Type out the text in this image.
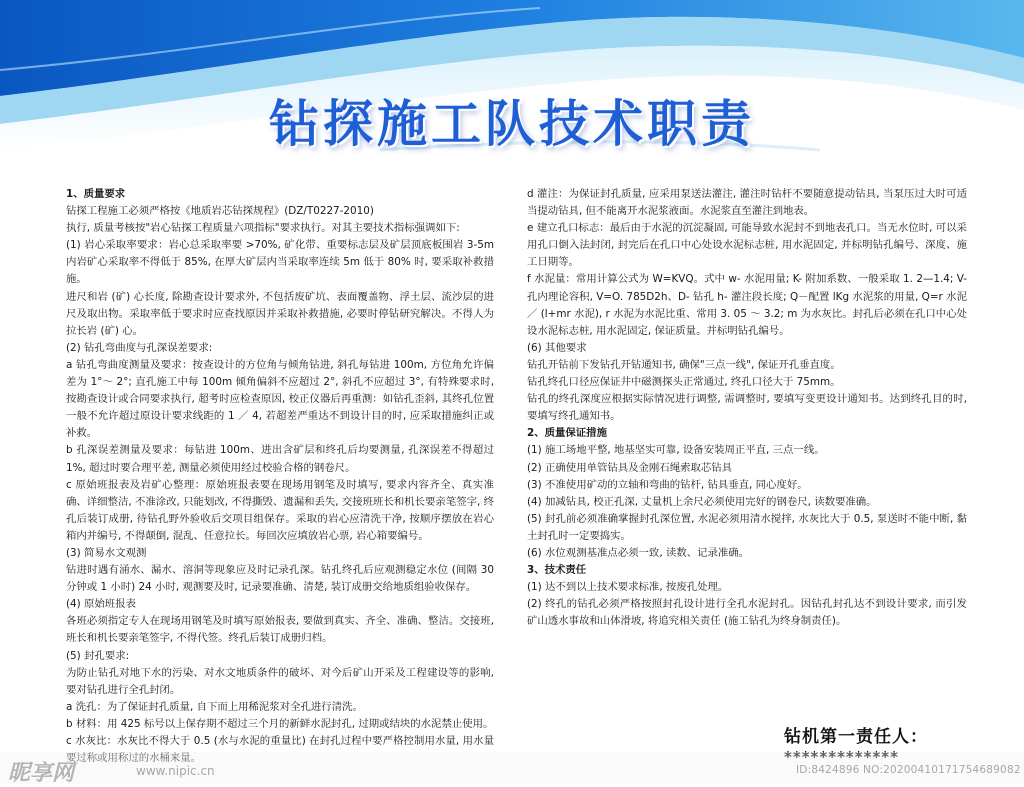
钻探施工队技术职责

1、质量要求

钻探工程施工必须严格按《地质岩芯钻探规程》(DZ/T0227-2010)

执行, 质量考核按"岩心钻探工程质量六项指标"要求执行。对其主要技术指标强调如下:

(1) 岩心采取率要求：岩心总采取率要 >70%, 矿化带、重要标志层及矿层顶底板围岩 3-5m 内岩矿心采取率不得低于 85%, 在厚大矿层内当采取率连续 5m 低于 80% 时, 要采取补救措施。

进尺和岩 (矿) 心长度, 除勘查设计要求外, 不包括废矿坑、表面覆盖物、浮土层、流沙层的进尺及取出物。采取率低于要求时应查找原因并采取补救措施, 必要时停钻研究解决。不得人为拉长岩 (矿) 心。

(2) 钻孔弯曲度与孔深误差要求:

a 钻孔弯曲度测量及要求：按查设计的方位角与倾角钻进, 斜孔每钻进 100m, 方位角允许偏差为 1°～ 2°; 直孔施工中每 100m 倾角偏斜不应超过 2°, 斜孔不应超过 3°, 有特殊要求时, 按勘查设计或合同要求执行, 超考时应检查原因, 校正仪器后再重测：如钻孔歪斜, 其终孔位置一般不允许超过原设计要求线距的 1 ／ 4, 若超差严重达不到设计目的时, 应采取措施纠正或补救。

b 孔深误差测量及要求：每钻进 100m、进出含矿层和终孔后均要测量, 孔深误差不得超过 1%, 超过时要合理平差, 测量必须使用经过校验合格的钢卷尺。

c 原始班报表及岩矿心整理：原始班报表要在现场用钢笔及时填写, 要求内容齐全、真实准确、详细整洁, 不准涂改, 只能划改, 不得撕毁、遗漏和丢失, 交接班班长和机长要亲笔签字, 终孔后装订成册, 待钻孔野外验收后交项目组保存。采取的岩心应清洗干净, 按顺序摆放在岩心箱内并编号, 不得颠倒, 混乱、任意拉长。每回次应填放岩心票, 岩心箱要编号。

(3) 简易水文观测

钻进时遇有涌水、漏水、溶洞等现象应及时记录孔深。钻孔终孔后应观测稳定水位 (间隔 30 分钟或 1 小时) 24 小时, 观测要及时, 记录要准确、清楚, 装订成册交给地质组验收保存。

(4) 原始班报表

各班必须指定专人在现场用钢笔及时填写原始报表, 要做到真实、齐全、准确、整洁。交接班, 班长和机长要亲笔签字, 不得代签。终孔后装订成册归档。

(5) 封孔要求:

为防止钻孔对地下水的污染、对水文地质条件的破坏、对今后矿山开采及工程建设等的影响, 要对钻孔进行全孔封闭。

a 洗孔：为了保证封孔质量, 自下而上用稀泥浆对全孔进行清洗。

b 材料：用 425 标号以上保存期不超过三个月的新鲜水泥封孔, 过期或结块的水泥禁止使用。

c 水灰比：水灰比不得大于 0.5 (水与水泥的重量比) 在封孔过程中要严格控制用水量, 用水量要过称或用称过的水桶来量。

d 灌注：为保证封孔质量, 应采用泵送法灌注, 灌注时钻杆不要随意提动钻具, 当泵压过大时可适当提动钻具, 但不能离开水泥浆液面。水泥浆直至灌注到地表。

e 建立孔口标志：最后由于水泥的沉淀凝固, 可能导致水泥封不到地表孔口。当无水位时, 可以采用孔口倒入法封闭, 封完后在孔口中心处设水泥标志桩, 用水泥固定, 并标明钻孔编号、深度、施工日期等。

f 水泥量：常用计算公式为 W=KVQ。式中 w- 水泥用量; K- 附加系数、一般采取 1. 2—1.4; V- 孔内理论容积, V=O. 785D2h、D- 钻孔 h- 灌注段长度; Q－配置 lKg 水泥浆的用量, Q=r 水泥／ (l+mr 水泥), r 水泥为水泥比重、常用 3. 05 ～ 3.2; m 为水灰比。封孔后必须在孔口中心处设水泥标志桩, 用水泥固定, 保证质量。并标明钻孔编号。

(6) 其他要求

钻孔开钻前下发钻孔开钻通知书, 确保"三点一线", 保证开孔垂直度。

钻孔终孔口径应保证井中磁测探头正常通过, 终孔口径大于 75mm。

钻孔的终孔深度应根据实际情况进行调整, 需调整时, 要填写变更设计通知书。达到终孔目的时, 要填写终孔通知书。

2、质量保证措施

(1) 施工场地平整, 地基坚实可靠, 设备安装周正平直, 三点一线。

(2) 正确使用单管钻具及金刚石绳索取芯钻具

(3) 不准使用矿动的立轴和弯曲的钻杆, 钻具垂直, 同心度好。

(4) 加减钻具, 校正孔深, 丈量机上余尺必须使用完好的钢卷尺, 读数要准确。

(5) 封孔前必须准确掌握封孔深位置, 水泥必须用清水搅拌, 水灰比大于 0.5, 泵送时不能中断, 黏土封孔时一定要捣实。

(6) 水位观测基准点必须一致, 读数、记录准确。

3、技术责任

(1) 达不到以上技术要求标准, 按废孔处理。

(2) 终孔的钻孔必须严格按照封孔设计进行全孔水泥封孔。因钻孔封孔达不到设计要求, 而引发矿山透水事故和山体滑坡, 将追究相关责任 (施工钻孔为终身制责任)。

钻机第一责任人：
*************
昵享网	www.nipic.cn	ID:8424896 NO:20200410171754689082
